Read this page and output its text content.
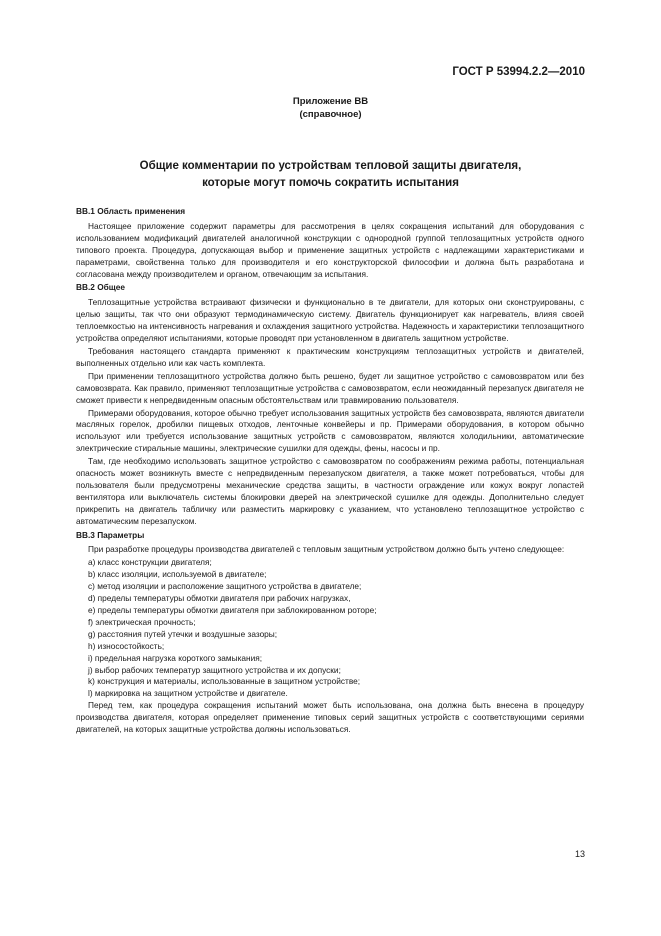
ГОСТ Р 53994.2.2—2010
Приложение ВВ
(справочное)
Общие комментарии по устройствам тепловой защиты двигателя,
которые могут помочь сократить испытания
ВВ.1 Область применения

Настоящее приложение содержит параметры для рассмотрения в целях сокращения испытаний для оборудования с использованием модификаций двигателей аналогичной конструкции с однородной группой теплозащитных устройств одного типового проекта. Процедура, допускающая выбор и применение защитных устройств с надлежащими характеристиками и параметрами, свойственна только для производителя и его конструкторской философии и должна быть разработана и согласована между производителем и органом, отвечающим за испытания.

ВВ.2 Общее

Теплозащитные устройства встраивают физически и функционально в те двигатели, для которых они сконструированы, с целью защиты, так что они образуют термодинамическую систему. Двигатель функционирует как нагреватель, влияя своей теплоемкостью на интенсивность нагревания и охлаждения защитного устройства. Надежность и характеристики теплозащитного устройства определяют испытаниями, которые проводят при установленном в двигатель защитном устройстве.

Требования настоящего стандарта применяют к практическим конструкциям теплозащитных устройств и двигателей, выполненных отдельно или как часть комплекта.

При применении теплозащитного устройства должно быть решено, будет ли защитное устройство с самовозвратом или без самовозврата. Как правило, применяют теплозащитные устройства с самовозвратом, если неожиданный перезапуск двигателя не сможет привести к непредвиденным опасным обстоятельствам или травмированию пользователя.

Примерами оборудования, которое обычно требует использования защитных устройств без самовозврата, являются двигатели масляных горелок, дробилки пищевых отходов, ленточные конвейеры и пр. Примерами оборудования, в котором обычно используют или требуется использование защитных устройств с самовозвратом, являются холодильники, автоматические электрические стиральные машины, электрические сушилки для одежды, фены, насосы и пр.

Там, где необходимо использовать защитное устройство с самовозвратом по соображениям режима работы, потенциальная опасность может возникнуть вместе с непредвиденным перезапуском двигателя, а также может потребоваться, чтобы для пользователя были предусмотрены механические средства защиты, в частности ограждение или кожух вокруг лопастей вентилятора или выключатель системы блокировки дверей на электрической сушилке для одежды. Дополнительно следует прикрепить на двигатель табличку или разместить маркировку с указанием, что установлено теплозащитное устройство с автоматическим перезапуском.

ВВ.3 Параметры

При разработке процедуры производства двигателей с тепловым защитным устройством должно быть учтено следующее:

a) класс конструкции двигателя;
b) класс изоляции, используемой в двигателе;
c) метод изоляции и расположение защитного устройства в двигателе;
d) пределы температуры обмотки двигателя при рабочих нагрузках,
e) пределы температуры обмотки двигателя при заблокированном роторе;
f) электрическая прочность;
g) расстояния путей утечки и воздушные зазоры;
h) износостойкость;
i) предельная нагрузка короткого замыкания;
j) выбор рабочих температур защитного устройства и их допуски;
k) конструкция и материалы, использованные в защитном устройстве;
l) маркировка на защитном устройстве и двигателе.

Перед тем, как процедура сокращения испытаний может быть использована, она должна быть внесена в процедуру производства двигателя, которая определяет применение типовых серий защитных устройств с соответствующими сериями двигателей, на которых защитные устройства должны использоваться.

13
